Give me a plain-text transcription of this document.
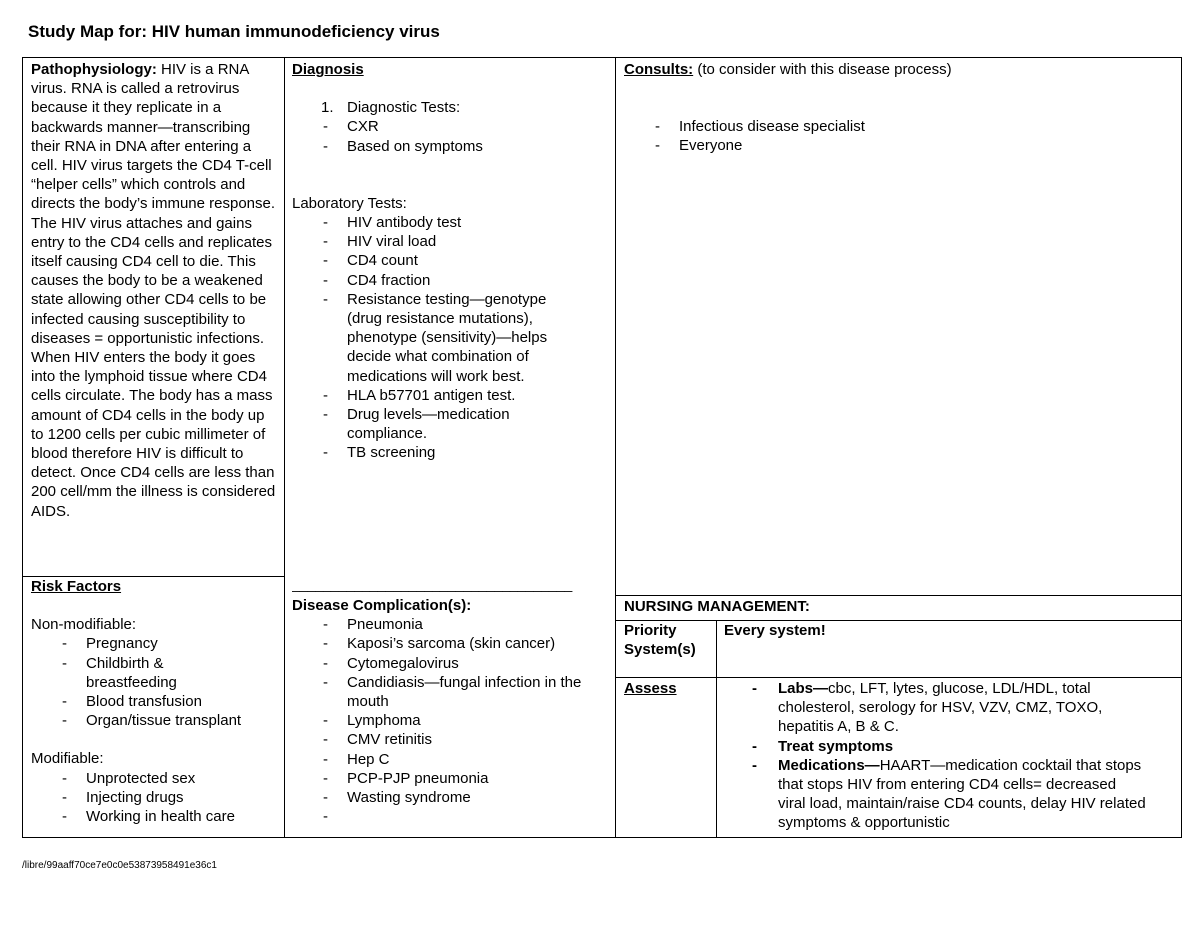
Study Map for: HIV human immunodeficiency virus
Pathophysiology: HIV is a RNA virus. RNA is called a retrovirus because it they replicate in a backwards manner—transcribing their RNA in DNA after entering a cell. HIV virus targets the CD4 T-cell “helper cells” which controls and directs the body’s immune response. The HIV virus attaches and gains entry to the CD4 cells and replicates itself causing CD4 cell to die. This causes the body to be a weakened state allowing other CD4 cells to be infected causing susceptibility to diseases = opportunistic infections. When HIV enters the body it goes into the lymphoid tissue where CD4 cells circulate. The body has a mass amount of CD4 cells in the body up to 1200 cells per cubic millimeter of blood therefore HIV is difficult to detect. Once CD4 cells are less than 200 cell/mm the illness is considered AIDS.
Risk Factors
Non-modifiable:
- Pregnancy
- Childbirth & breastfeeding
- Blood transfusion
- Organ/tissue transplant
Modifiable:
- Unprotected sex
- Injecting drugs
- Working in health care
Diagnosis
1. Diagnostic Tests:
- CXR
- Based on symptoms
Laboratory Tests:
- HIV antibody test
- HIV viral load
- CD4 count
- CD4 fraction
- Resistance testing—genotype (drug resistance mutations), phenotype (sensitivity)—helps decide what combination of medications will work best.
- HLA b57701 antigen test.
- Drug levels—medication compliance.
- TB screening
____________________________________
Disease Complication(s):
- Pneumonia
- Kaposi’s sarcoma (skin cancer)
- Cytomegalovirus
- Candidiasis—fungal infection in the mouth
- Lymphoma
- CMV retinitis
- Hep C
- PCP-PJP pneumonia
- Wasting syndrome
-
Consults: (to consider with this disease process)
- Infectious disease specialist
- Everyone
NURSING MANAGEMENT:
Priority System(s)
Every system!
Assess
-	Labs—cbc, LFT, lytes, glucose, LDL/HDL, total cholesterol, serology for HSV, VZV, CMZ, TOXO, hepatitis A, B & C.
- Treat symptoms
- Medications—HAART—medication cocktail that stops that stops HIV from entering CD4 cells= decreased viral load, maintain/raise CD4 counts, delay HIV related symptoms & opportunistic
/libre/99aaff70ce7e0c0e53873958491e36c1
